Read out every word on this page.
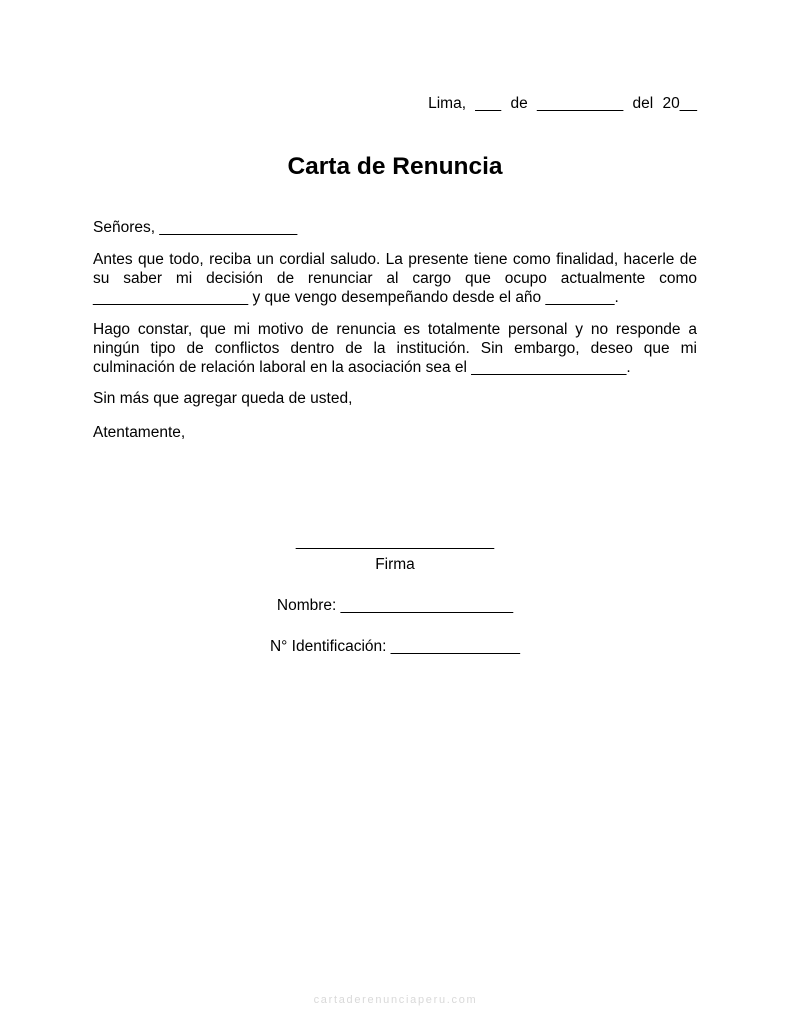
Lima, ___ de __________ del 20__
Carta de Renuncia
Señores, ________________
Antes que todo, reciba un cordial saludo. La presente tiene como finalidad, hacerle de
su saber mi decisión de renunciar al cargo que ocupo actualmente como
__________________ y que vengo desempeñando desde el año ________.
Hago constar, que mi motivo de renuncia es totalmente personal y no responde a
ningún tipo de conflictos dentro de la institución. Sin embargo, deseo que mi
culminación de relación laboral en la asociación sea el __________________.
Sin más que agregar queda de usted,
Atentamente,
_______________________
Firma
Nombre: ____________________
N° Identificación: _______________
cartaderenunciaperu.com
